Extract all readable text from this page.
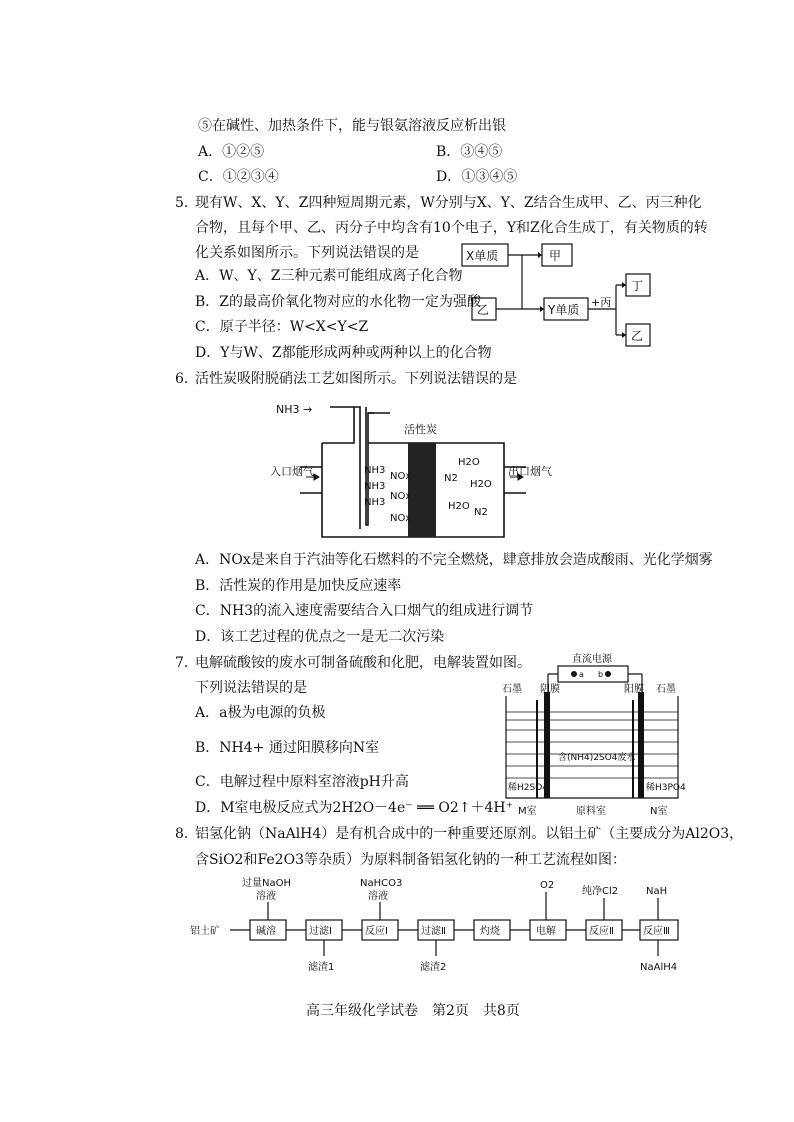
⑤在碱性、加热条件下，能与银氨溶液反应析出银
A．①②⑤	B．③④⑤
C．①②③④	D．①③④⑤
5. 现有W、X、Y、Z四种短周期元素，W分别与X、Y、Z结合生成甲、乙、丙三种化
合物，且每个甲、乙、丙分子中均含有10个电子，Y和Z化合生成丁，有关物质的转
化关系如图所示。下列说法错误的是
A．W、Y、Z三种元素可能组成离子化合物
B．Z的最高价氧化物对应的水化物一定为强酸
C．原子半径：W<X<Y<Z
D．Y与W、Z都能形成两种或两种以上的化合物
X单质	甲
乙	Y单质
+丙
丁
乙
6. 活性炭吸附脱硝法工艺如图所示。下列说法错误的是
NH3 →
活性炭
入口烟气	出口烟气
NH3
NH3
NH3
NOx
NOx
NOx
H2O
N2
H2O
H2O
N2
A．NOx是来自于汽油等化石燃料的不完全燃烧，肆意排放会造成酸雨、光化学烟雾
B．活性炭的作用是加快反应速率
C．NH3的流入速度需要结合入口烟气的组成进行调节
D．该工艺过程的优点之一是无二次污染
7. 电解硫酸铵的废水可制备硫酸和化肥，电解装置如图。
下列说法错误的是
A．a极为电源的负极
B．NH4+ 通过阳膜移向N室
C．电解过程中原料室溶液pH升高
D．M室电极反应式为2H2O－4e⁻ ══ O2↑＋4H⁺
直流电源
a b
石墨 阴膜	阳膜 石墨
含(NH4)2SO4废水
稀H2SO4	稀H3PO4
M室	原料室	N室
8. 铝氢化钠（NaAlH4）是有机合成中的一种重要还原剂。以铝土矿（主要成分为Al2O3，
含SiO2和Fe2O3等杂质）为原料制备铝氢化钠的一种工艺流程如图：
铝土矿
过量NaOH
溶液
NaHCO3
溶液
O2
纯净Cl2	NaH
碱溶	过滤Ⅰ	反应Ⅰ	过滤Ⅱ	灼烧	电解	反应Ⅱ	反应Ⅲ
滤渣1	滤渣2	NaAlH4
高三年级化学试卷　第2页　共8页
